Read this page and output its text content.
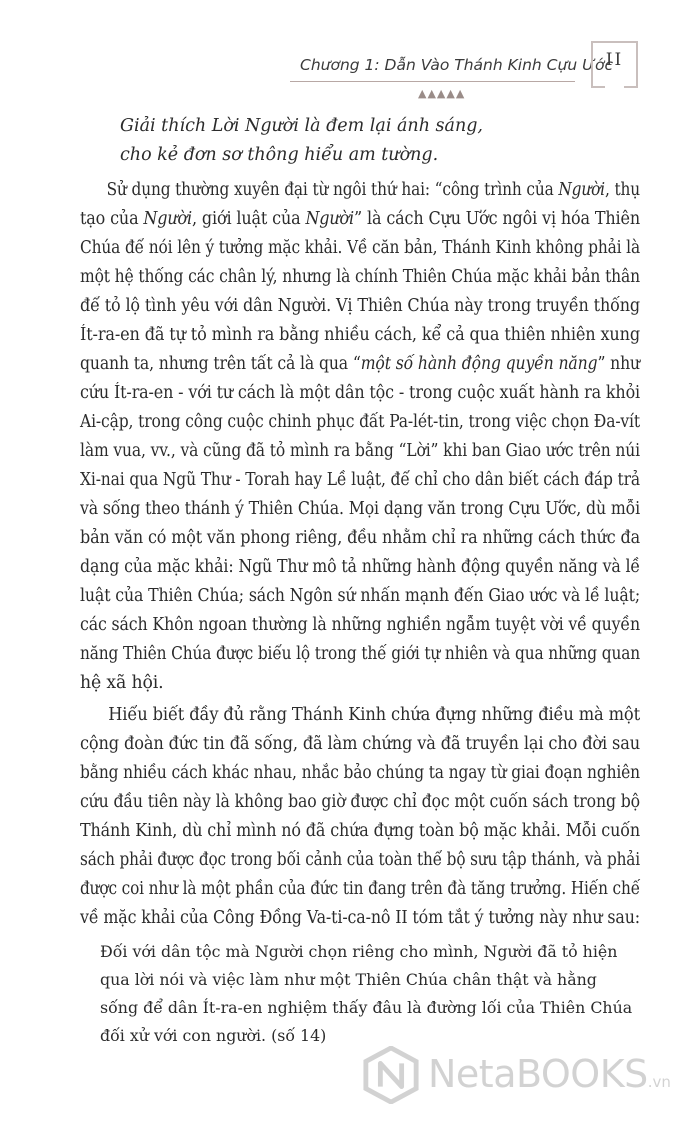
Chương 1: Dẫn Vào Thánh Kinh Cựu Ước
▲▲▲▲▲
II
Giải thích Lời Người là đem lại ánh sáng,
cho kẻ đơn sơ thông hiểu am tường.
Sử dụng thường xuyên đại từ ngôi thứ hai: “công trình của Người, thụ
tạo của Người, giới luật của Người” là cách Cựu Ước ngôi vị hóa Thiên
Chúa để nói lên ý tưởng mặc khải. Về căn bản, Thánh Kinh không phải là
một hệ thống các chân lý, nhưng là chính Thiên Chúa mặc khải bản thân
để tỏ lộ tình yêu với dân Người. Vị Thiên Chúa này trong truyền thống
Ít-ra-en đã tự tỏ mình ra bằng nhiều cách, kể cả qua thiên nhiên xung
quanh ta, nhưng trên tất cả là qua “một số hành động quyền năng” như
cứu Ít-ra-en - với tư cách là một dân tộc - trong cuộc xuất hành ra khỏi
Ai-cập, trong công cuộc chinh phục đất Pa-lét-tin, trong việc chọn Đa-vít
làm vua, vv., và cũng đã tỏ mình ra bằng “Lời” khi ban Giao ước trên núi
Xi-nai qua Ngũ Thư - Torah hay Lề luật, để chỉ cho dân biết cách đáp trả
và sống theo thánh ý Thiên Chúa. Mọi dạng văn trong Cựu Ước, dù mỗi
bản văn có một văn phong riêng, đều nhằm chỉ ra những cách thức đa
dạng của mặc khải: Ngũ Thư mô tả những hành động quyền năng và lề
luật của Thiên Chúa; sách Ngôn sứ nhấn mạnh đến Giao ước và lề luật;
các sách Khôn ngoan thường là những nghiền ngẫm tuyệt vời về quyền
năng Thiên Chúa được biểu lộ trong thế giới tự nhiên và qua những quan
hệ xã hội.
Hiểu biết đầy đủ rằng Thánh Kinh chứa đựng những điều mà một
cộng đoàn đức tin đã sống, đã làm chứng và đã truyền lại cho đời sau
bằng nhiều cách khác nhau, nhắc bảo chúng ta ngay từ giai đoạn nghiên
cứu đầu tiên này là không bao giờ được chỉ đọc một cuốn sách trong bộ
Thánh Kinh, dù chỉ mình nó đã chứa đựng toàn bộ mặc khải. Mỗi cuốn
sách phải được đọc trong bối cảnh của toàn thể bộ sưu tập thánh, và phải
được coi như là một phần của đức tin đang trên đà tăng trưởng. Hiến chế
về mặc khải của Công Đồng Va-ti-ca-nô II tóm tắt ý tưởng này như sau:
Đối với dân tộc mà Người chọn riêng cho mình, Người đã tỏ hiện
qua lời nói và việc làm như một Thiên Chúa chân thật và hằng
sống để dân Ít-ra-en nghiệm thấy đâu là đường lối của Thiên Chúa
đối xử với con người. (số 14)
NetaBOOKS.vn
